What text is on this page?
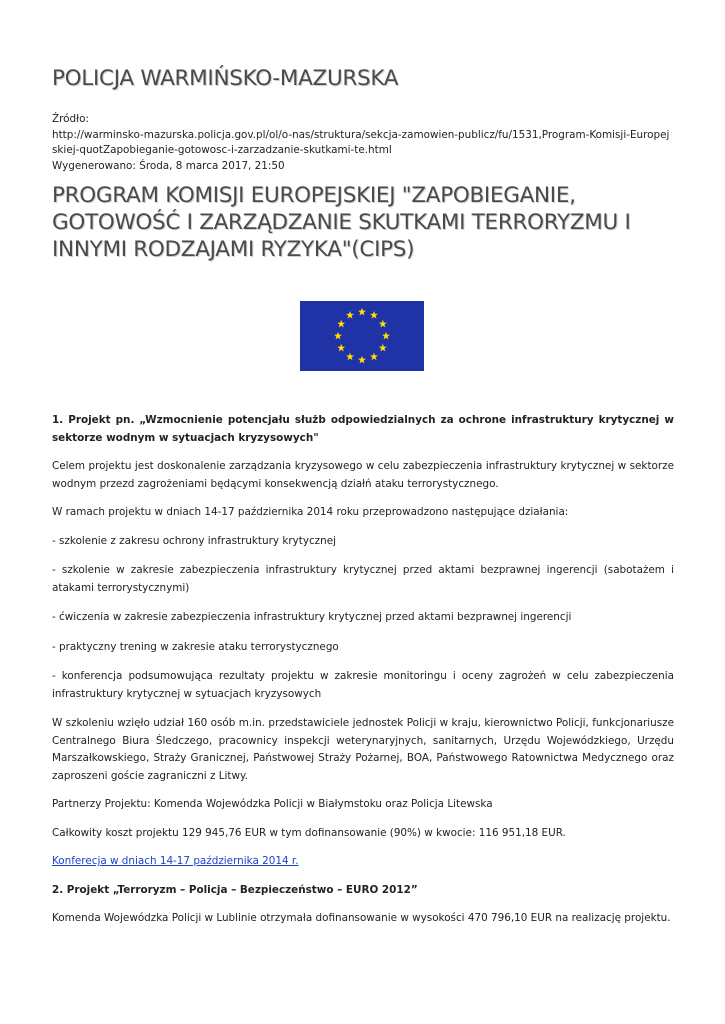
POLICJA WARMIŃSKO-MAZURSKA
Źródło:
http://warminsko-mazurska.policja.gov.pl/ol/o-nas/struktura/sekcja-zamowien-publicz/fu/1531,Program-Komisji-Europejskiej-quotZapobieganie-gotowosc-i-zarzadzanie-skutkami-te.html
Wygenerowano: Środa, 8 marca 2017, 21:50
PROGRAM KOMISJI EUROPEJSKIEJ "ZAPOBIEGANIE, GOTOWOŚĆ I ZARZĄDZANIE SKUTKAMI TERRORYZMU I INNYMI RODZAJAMI RYZYKA"(CIPS)

1. Projekt pn. „Wzmocnienie potencjału służb odpowiedzialnych za ochrone infrastruktury krytycznej w sektorze wodnym w sytuacjach kryzysowych"

Celem projektu jest doskonalenie zarządzania kryzysowego w celu zabezpieczenia infrastruktury krytycznej w sektorze wodnym przezd zagrożeniami będącymi konsekwencją działń ataku terrorystycznego.

W ramach projektu w dniach 14-17 października 2014 roku przeprowadzono następujące działania:

- szkolenie z zakresu ochrony infrastruktury krytycznej

- szkolenie w zakresie zabezpieczenia infrastruktury krytycznej przed aktami bezprawnej ingerencji (sabotażem i atakami terrorystycznymi)

- ćwiczenia w zakresie zabezpieczenia infrastruktury krytycznej przed aktami bezprawnej ingerencji

- praktyczny trening w zakresie ataku terrorystycznego

- konferencja podsumowująca rezultaty projektu w zakresie monitoringu i oceny zagrożeń w celu zabezpieczenia infrastruktury krytycznej w sytuacjach kryzysowych

W szkoleniu wzięło udział 160 osób m.in. przedstawiciele jednostek Policji w kraju, kierownictwo Policji, funkcjonariusze Centralnego Biura Śledczego, pracownicy inspekcji weterynaryjnych, sanitarnych, Urzędu Wojewódzkiego, Urzędu Marszałkowskiego, Straży Granicznej, Państwowej Straży Pożarnej, BOA, Państwowego Ratownictwa Medycznego oraz zaproszeni goście zagraniczni z Litwy.

Partnerzy Projektu: Komenda Wojewódzka Policji w Białymstoku oraz Policja Litewska

Całkowity koszt projektu 129 945,76 EUR w tym dofinansowanie (90%) w kwocie: 116 951,18 EUR.

Konferecja w dniach 14-17 października 2014 r.

2. Projekt „Terroryzm – Policja – Bezpieczeństwo – EURO 2012”

Komenda Wojewódzka Policji w Lublinie otrzymała dofinansowanie w wysokości 470 796,10 EUR na realizację projektu.
